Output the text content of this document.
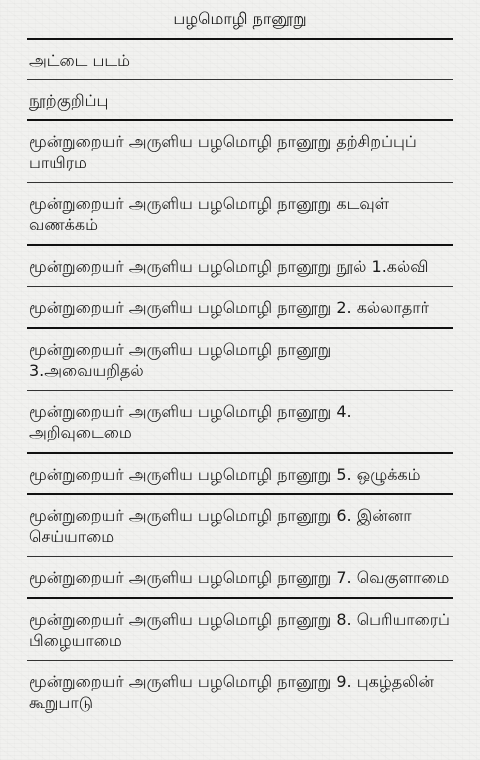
பழமொழி நானூறு
அட்டை படம்
நூற்குறிப்பு
மூன்றுறையர் அருளிய பழமொழி நானூறு தற்சிறப்புப் பாயிரம
மூன்றுறையர் அருளிய பழமொழி நானூறு கடவுள் வணக்கம்
மூன்றுறையர் அருளிய பழமொழி நானூறு நூல் 1.கல்வி
மூன்றுறையர் அருளிய பழமொழி நானூறு 2. கல்லாதார்
மூன்றுறையர் அருளிய பழமொழி நானூறு 3.அவையறிதல்
மூன்றுறையர் அருளிய பழமொழி நானூறு 4. அறிவுடைமை
மூன்றுறையர் அருளிய பழமொழி நானூறு 5. ஒழுக்கம்
மூன்றுறையர் அருளிய பழமொழி நானூறு 6. இன்னா செய்யாமை
மூன்றுறையர் அருளிய பழமொழி நானூறு 7. வெகுளாமை
மூன்றுறையர் அருளிய பழமொழி நானூறு 8. பெரியாரைப் பிழையாமை
மூன்றுறையர் அருளிய பழமொழி நானூறு 9. புகழ்தலின் கூறுபாடு
